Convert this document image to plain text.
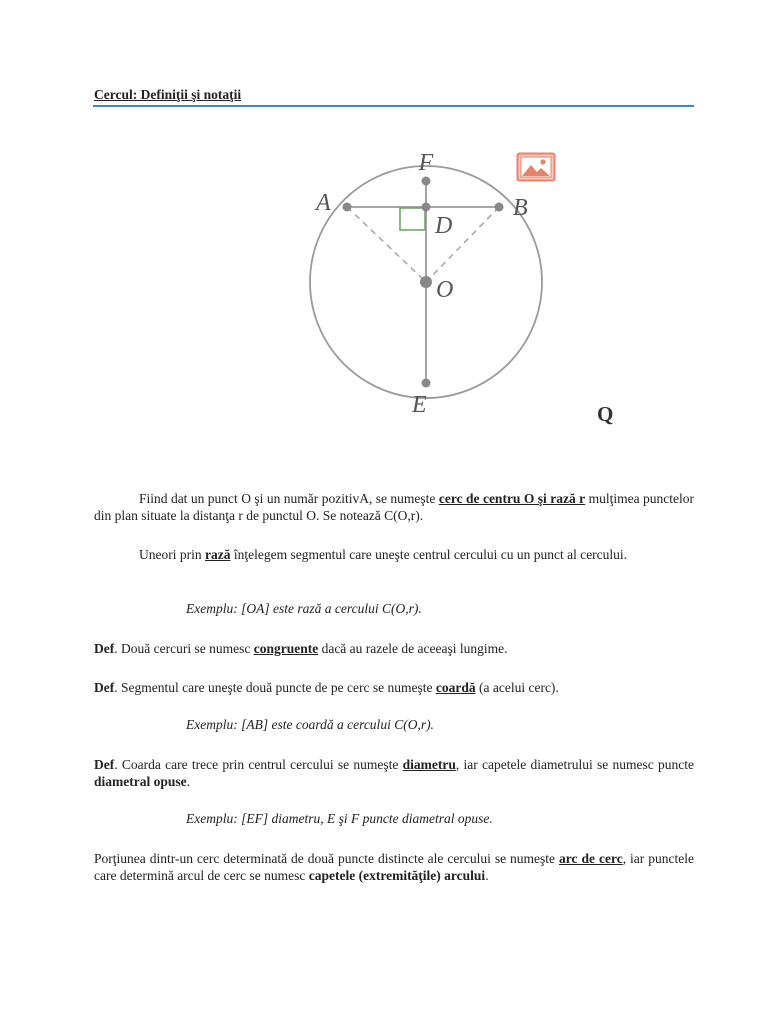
Cercul: Definiţii şi notaţii
F
A	B
D
O
E	Q

Fiind dat un punct O şi un număr pozitivA, se numeşte cerc de centru O şi rază r mulţimea punctelor din plan situate la distanţa r de punctul O. Se notează C(O,r).

Uneori prin rază înţelegem segmentul care uneşte centrul cercului cu un punct al cercului.

Exemplu: [OA] este rază a cercului C(O,r).

Def. Două cercuri se numesc congruente dacă au razele de aceeaşi lungime.

Def. Segmentul care uneşte două puncte de pe cerc se numeşte coardă (a acelui cerc).

Exemplu: [AB] este coardă a cercului C(O,r).

Def. Coarda care trece prin centrul cercului se numeşte diametru, iar capetele diametrului se numesc puncte diametral opuse.

Exemplu: [EF] diametru, E şi F puncte diametral opuse.

Porţiunea dintr-un cerc determinată de două puncte distincte ale cercului se numeşte arc de cerc, iar punctele care determină arcul de cerc se numesc capetele (extremităţile) arcului.
